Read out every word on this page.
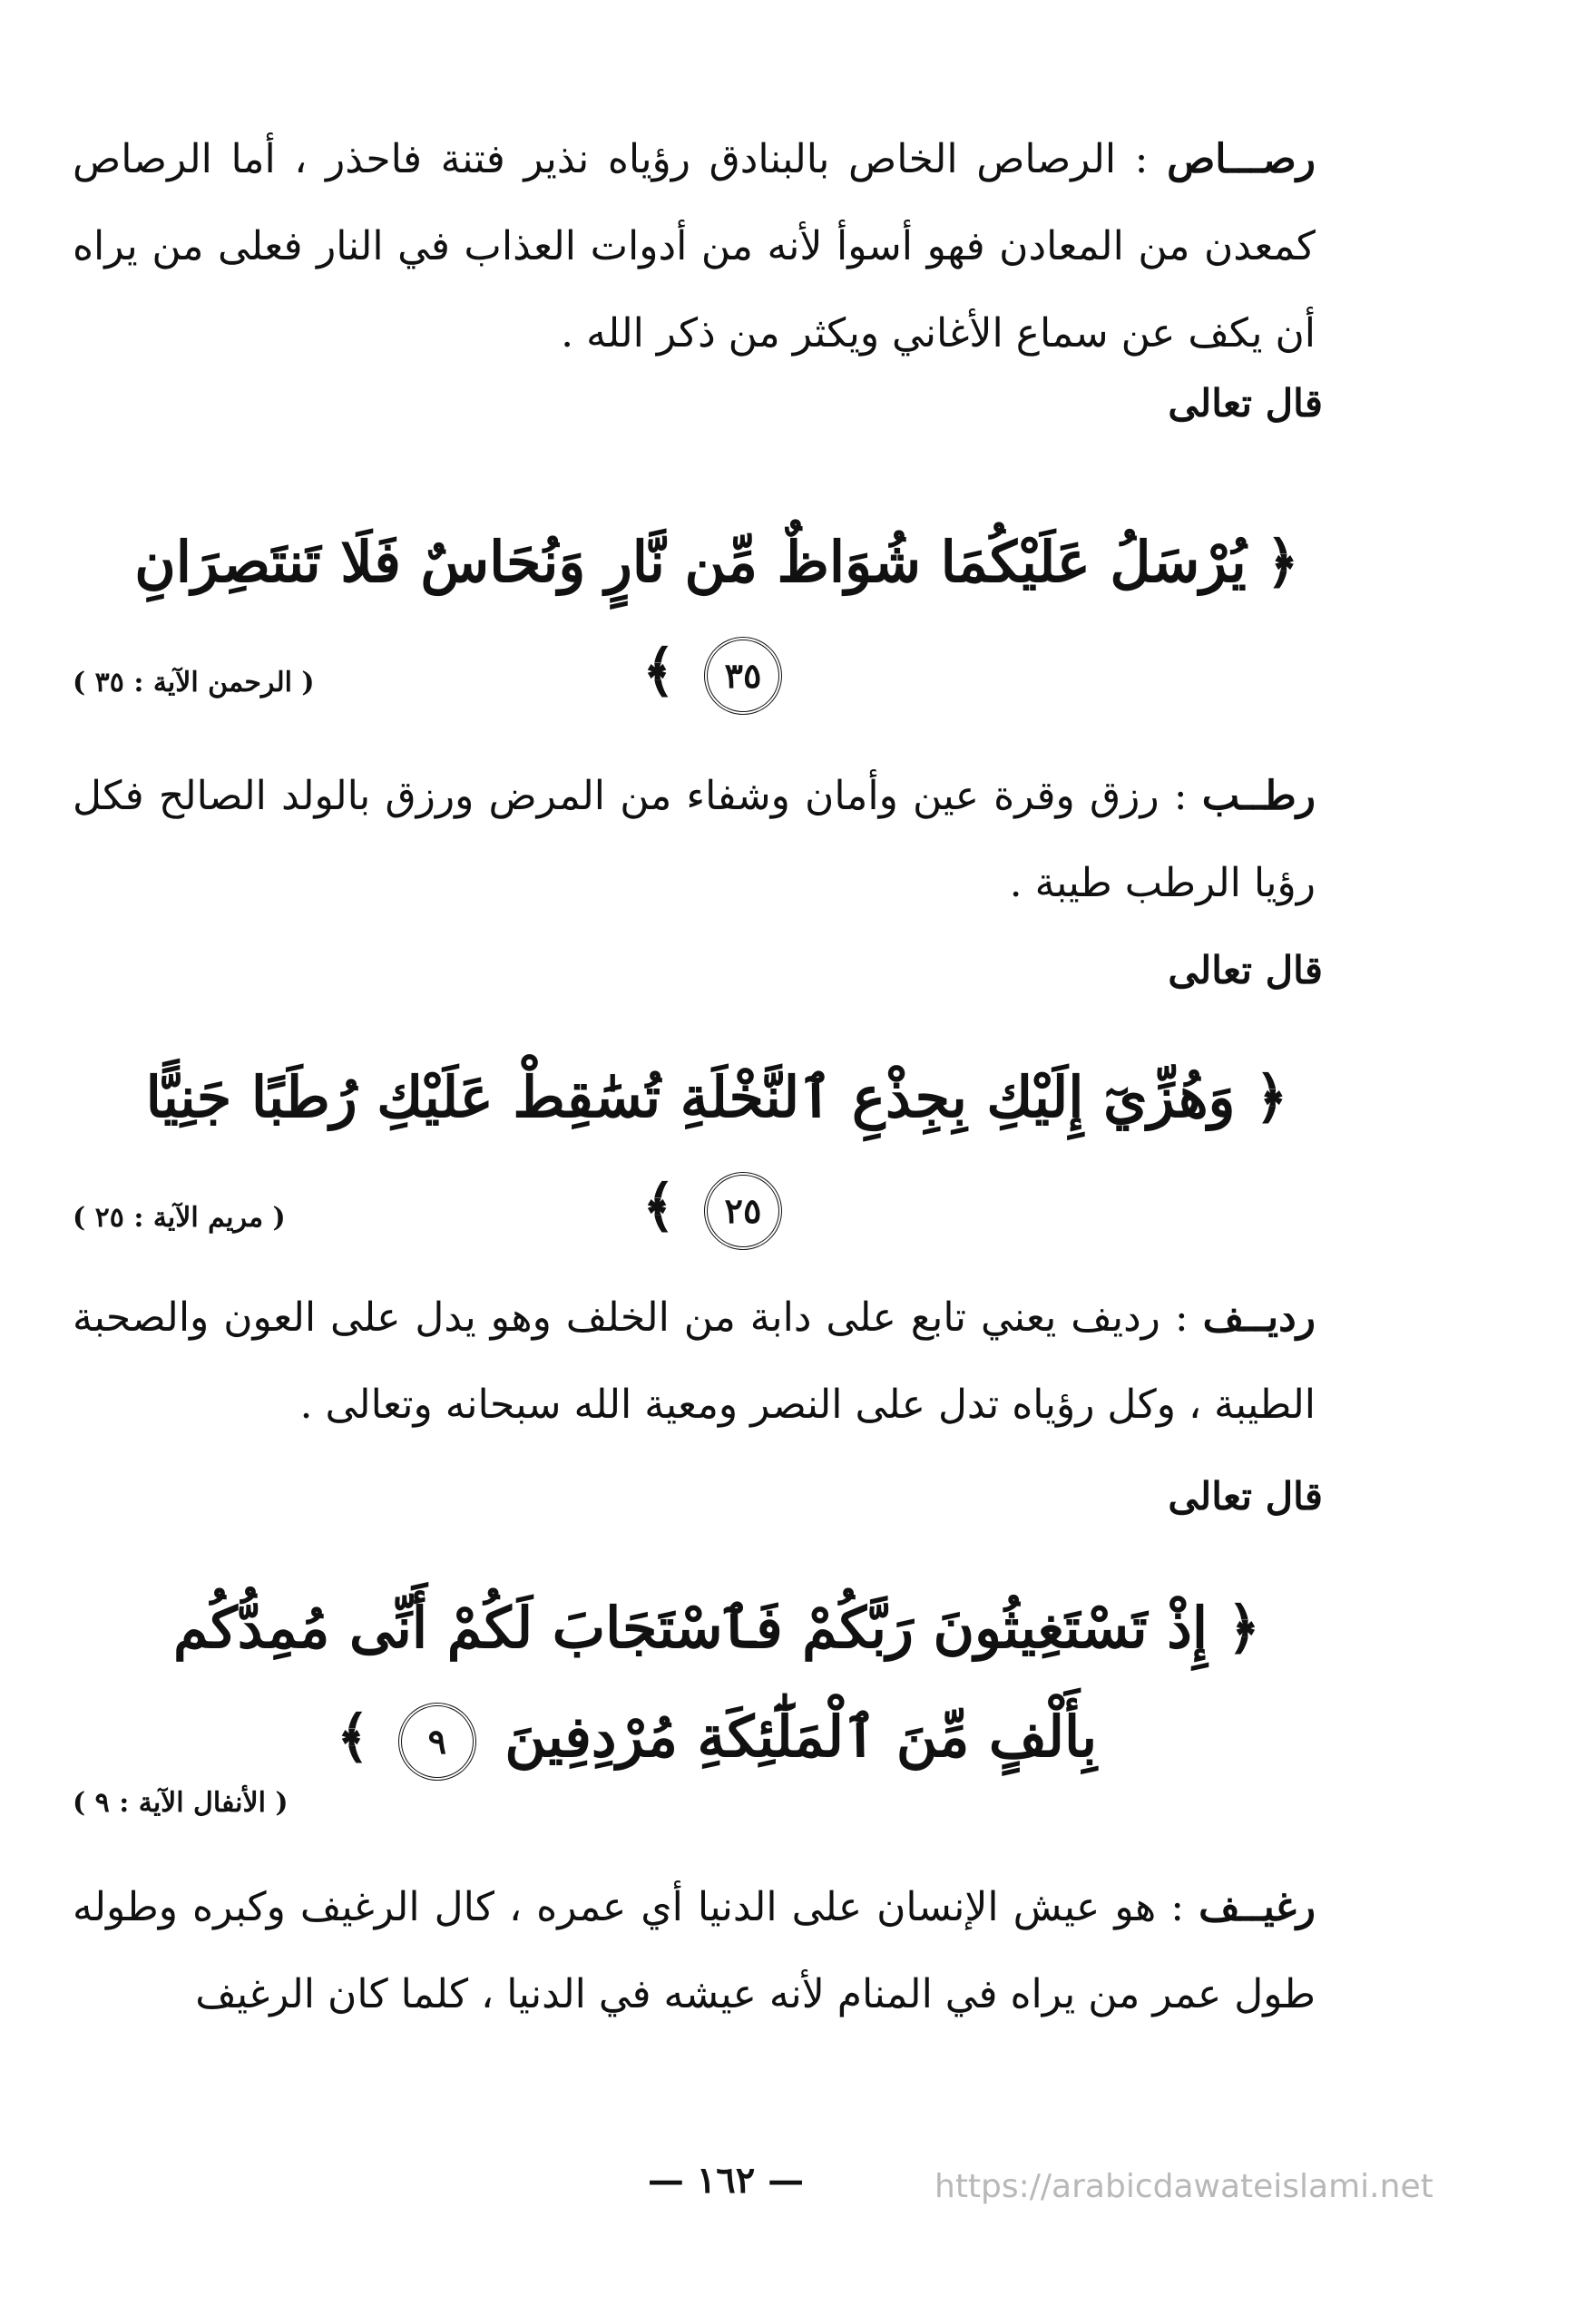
رصـــاص : الرصاص الخاص بالبنادق رؤياه نذير فتنة فاحذر ، أما الرصاص كمعدن من المعادن فهو أسوأ لأنه من أدوات العذاب في النار فعلى من يراه أن يكف عن سماع الأغاني ويكثر من ذكر الله .
قال تعالى
﴿ يُرْسَلُ عَلَيْكُمَا شُوَاظٌ مِّن نَّارٍ وَنُحَاسٌ فَلَا تَنتَصِرَانِ ٣٥ ﴾
( الرحمن الآية : ٣٥ )
رطــب : رزق وقرة عين وأمان وشفاء من المرض ورزق بالولد الصالح فكل رؤيا الرطب طيبة .
قال تعالى
﴿ وَهُزِّيٓ إِلَيْكِ بِجِذْعِ ٱلنَّخْلَةِ تُسَٰقِطْ عَلَيْكِ رُطَبًا جَنِيًّا ٢٥ ﴾
( مريم الآية : ٢٥ )
رديــف : رديف يعني تابع على دابة من الخلف وهو يدل على العون والصحبة الطيبة ، وكل رؤياه تدل على النصر ومعية الله سبحانه وتعالى .
قال تعالى
﴿ إِذْ تَسْتَغِيثُونَ رَبَّكُمْ فَٱسْتَجَابَ لَكُمْ أَنِّى مُمِدُّكُم بِأَلْفٍ مِّنَ ٱلْمَلَٰٓئِكَةِ مُرْدِفِينَ ٩ ﴾
( الأنفال الآية : ٩ )
رغيــف : هو عيش الإنسان على الدنيا أي عمره ، كال الرغيف وكبره وطوله طول عمر من يراه في المنام لأنه عيشه في الدنيا ، كلما كان الرغيف
— ١٦٢ —	https://arabicdawateislami.net
